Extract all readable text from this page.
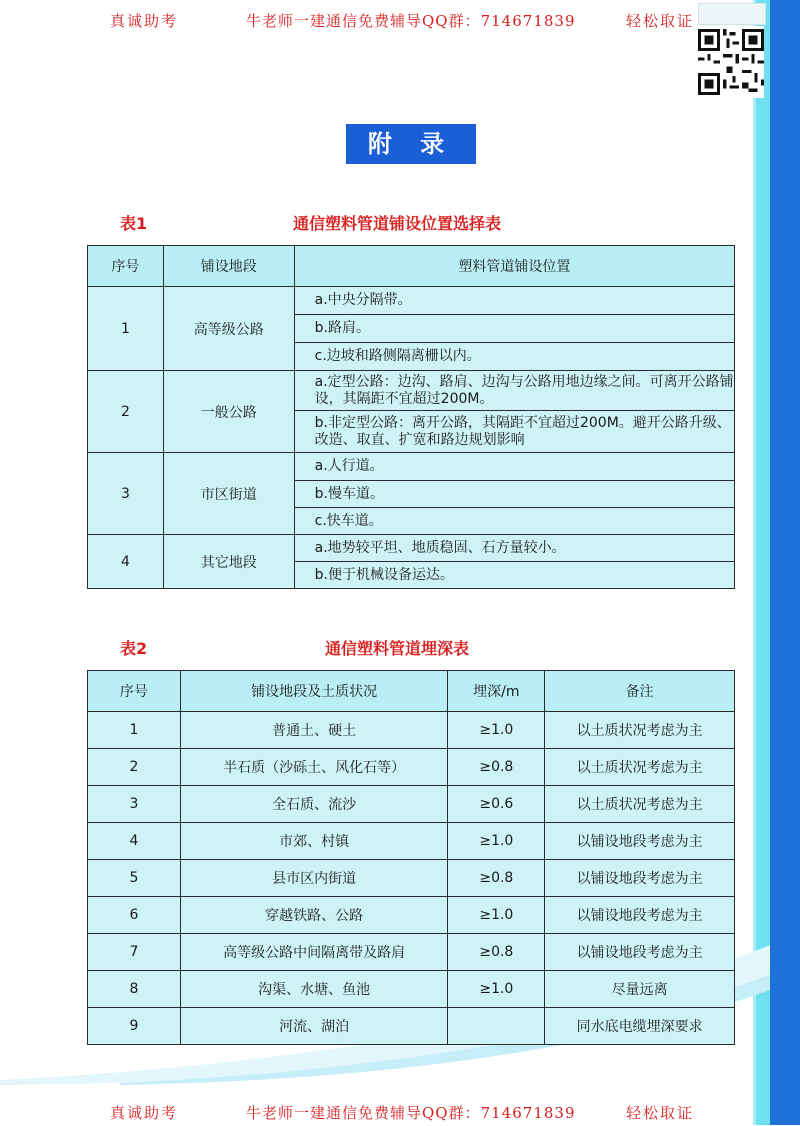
真诚助考	牛老师一建通信免费辅导QQ群：714671839	轻松取证
附 录
表1	通信塑料管道铺设位置选择表
序号	铺设地段	塑料管道铺设位置
1	高等级公路	a.中央分隔带。
		b.路肩。
		c.边坡和路侧隔离栅以内。
2	一般公路	a.定型公路：边沟、路肩、边沟与公路用地边缘之间。可离开公路铺设，其隔距不宜超过200M。
		b.非定型公路：离开公路，其隔距不宜超过200M。避开公路升级、改造、取直、扩宽和路边规划影响
3	市区街道	a.人行道。
		b.慢车道。
		c.快车道。
4	其它地段	a.地势较平坦、地质稳固、石方量较小。
		b.便于机械设备运达。
表2	通信塑料管道埋深表
序号	铺设地段及土质状况	埋深/m	备注
1	普通土、硬土	≥1.0	以土质状况考虑为主
2	半石质（沙砾土、风化石等）	≥0.8	以土质状况考虑为主
3	全石质、流沙	≥0.6	以土质状况考虑为主
4	市郊、村镇	≥1.0	以铺设地段考虑为主
5	县市区内街道	≥0.8	以铺设地段考虑为主
6	穿越铁路、公路	≥1.0	以铺设地段考虑为主
7	高等级公路中间隔离带及路肩	≥0.8	以铺设地段考虑为主
8	沟渠、水塘、鱼池	≥1.0	尽量远离
9	河流、湖泊		同水底电缆埋深要求
真诚助考	牛老师一建通信免费辅导QQ群：714671839	轻松取证
